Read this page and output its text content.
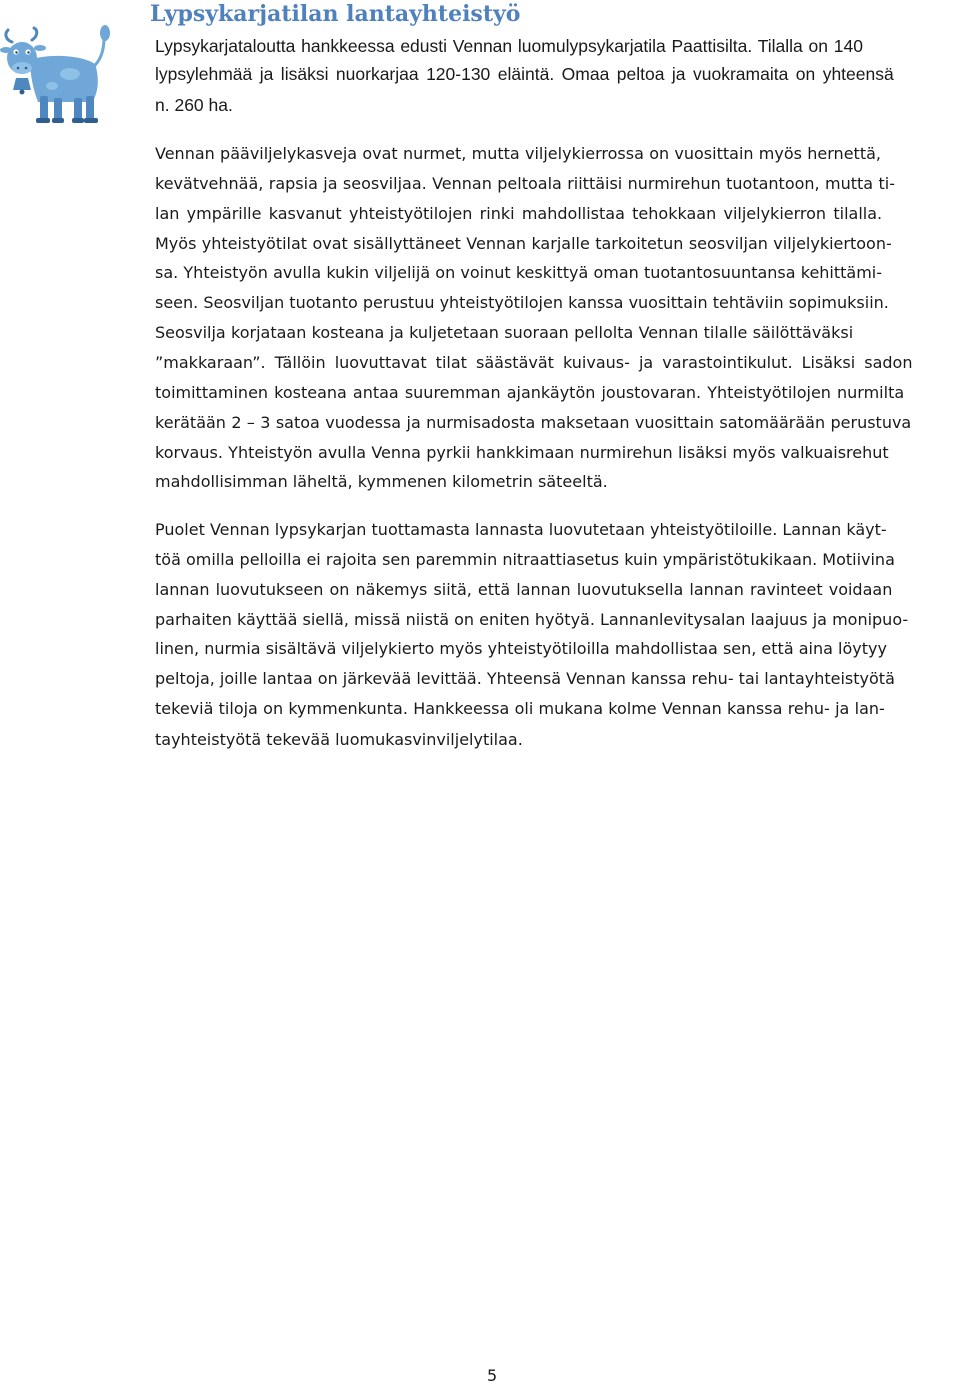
Lypsykarjatilan lantayhteistyö
Lypsykarjataloutta hankkeessa edusti Vennan luomulypsykarjatila Paattisilta. Tilalla on 140
lypsylehmää ja lisäksi nuorkarjaa 120-130 eläintä. Omaa peltoa ja vuokramaita on yhteensä
n. 260 ha.
Vennan pääviljelykasveja ovat nurmet, mutta viljelykierrossa on vuosittain myös hernettä,
kevätvehnää, rapsia ja seosviljaa. Vennan peltoala riittäisi nurmirehun tuotantoon, mutta ti-
lan ympärille kasvanut yhteistyötilojen rinki mahdollistaa tehokkaan viljelykierron tilalla.
Myös yhteistyötilat ovat sisällyttäneet Vennan karjalle tarkoitetun seosviljan viljelykiertoon-
sa. Yhteistyön avulla kukin viljelijä on voinut keskittyä oman tuotantosuuntansa kehittämi-
seen. Seosviljan tuotanto perustuu yhteistyötilojen kanssa vuosittain tehtäviin sopimuksiin.
Seosvilja korjataan kosteana ja kuljetetaan suoraan pellolta Vennan tilalle säilöttäväksi
”makkaraan”. Tällöin luovuttavat tilat säästävät kuivaus- ja varastointikulut. Lisäksi sadon
toimittaminen kosteana antaa suuremman ajankäytön joustovaran. Yhteistyötilojen nurmilta
kerätään 2 – 3 satoa vuodessa ja nurmisadosta maksetaan vuosittain satomäärään perustuva
korvaus. Yhteistyön avulla Venna pyrkii hankkimaan nurmirehun lisäksi myös valkuaisrehut
mahdollisimman läheltä, kymmenen kilometrin säteeltä.
Puolet Vennan lypsykarjan tuottamasta lannasta luovutetaan yhteistyötiloille. Lannan käyt-
töä omilla pelloilla ei rajoita sen paremmin nitraattiasetus kuin ympäristötukikaan. Motiivina
lannan luovutukseen on näkemys siitä, että lannan luovutuksella lannan ravinteet voidaan
parhaiten käyttää siellä, missä niistä on eniten hyötyä. Lannanlevitysalan laajuus ja monipuo-
linen, nurmia sisältävä viljelykierto myös yhteistyötiloilla mahdollistaa sen, että aina löytyy
peltoja, joille lantaa on järkevää levittää. Yhteensä Vennan kanssa rehu- tai lantayhteistyötä
tekeviä tiloja on kymmenkunta. Hankkeessa oli mukana kolme Vennan kanssa rehu- ja lan-
tayhteistyötä tekevää luomukasvinviljelytilaa.
5
